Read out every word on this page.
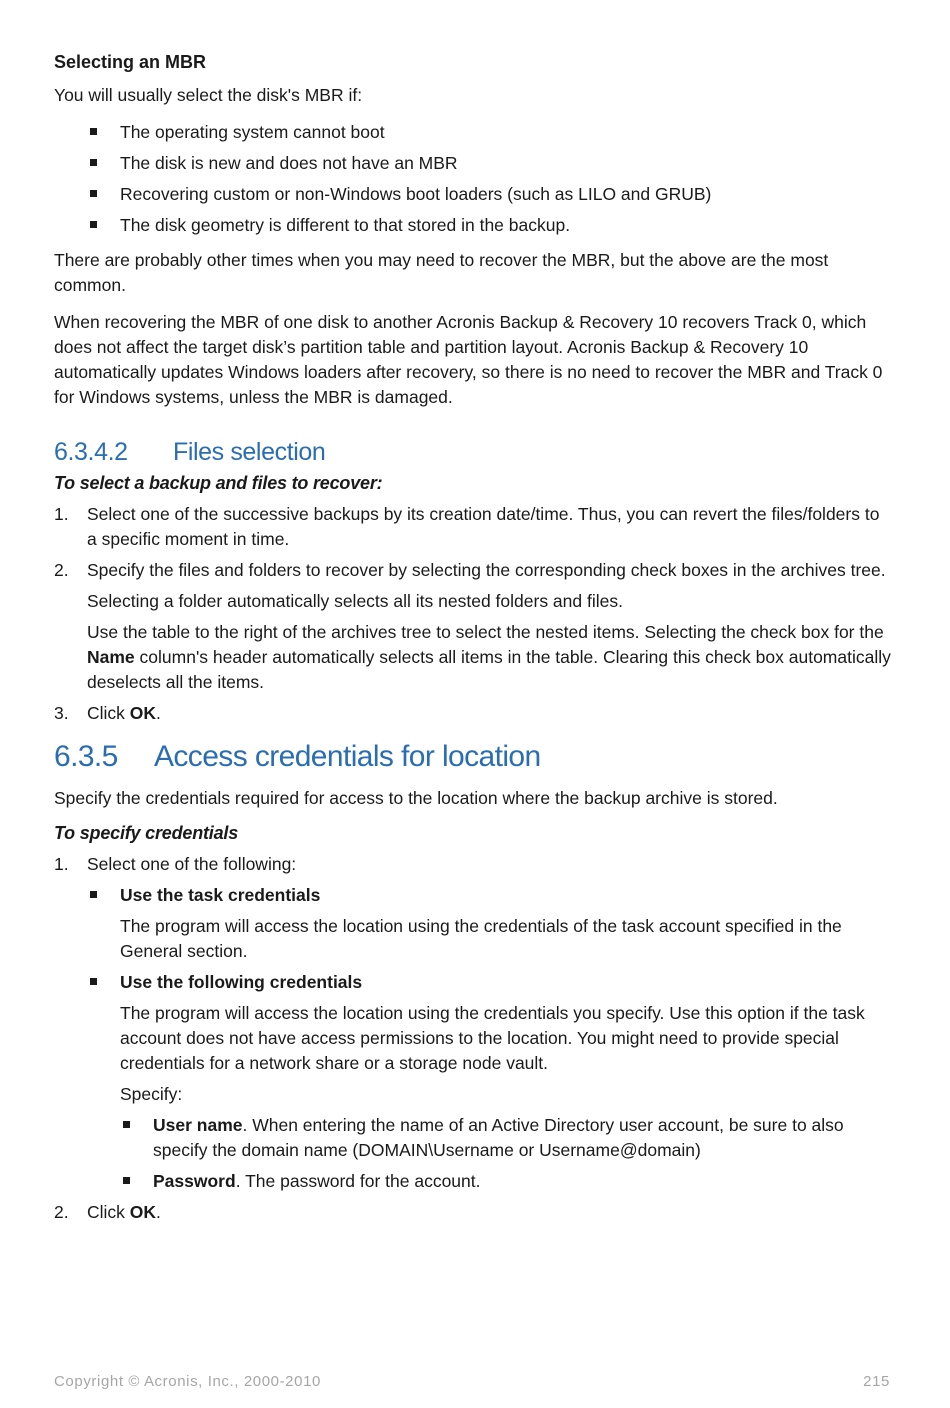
Selecting an MBR

You will usually select the disk's MBR if:

The operating system cannot boot
The disk is new and does not have an MBR
Recovering custom or non-Windows boot loaders (such as LILO and GRUB)
The disk geometry is different to that stored in the backup.

There are probably other times when you may need to recover the MBR, but the above are the most common.

When recovering the MBR of one disk to another Acronis Backup & Recovery 10 recovers Track 0, which does not affect the target disk’s partition table and partition layout. Acronis Backup & Recovery 10 automatically updates Windows loaders after recovery, so there is no need to recover the MBR and Track 0 for Windows systems, unless the MBR is damaged.

6.3.4.2 Files selection
To select a backup and files to recover:
1. Select one of the successive backups by its creation date/time. Thus, you can revert the files/folders to a specific moment in time.
2. Specify the files and folders to recover by selecting the corresponding check boxes in the archives tree.
Selecting a folder automatically selects all its nested folders and files.
Use the table to the right of the archives tree to select the nested items. Selecting the check box for the Name column's header automatically selects all items in the table. Clearing this check box automatically deselects all the items.
3. Click OK.
6.3.5 Access credentials for location

Specify the credentials required for access to the location where the backup archive is stored.

To specify credentials
1. Select one of the following:
Use the task credentials
The program will access the location using the credentials of the task account specified in the General section.
Use the following credentials
The program will access the location using the credentials you specify. Use this option if the task account does not have access permissions to the location. You might need to provide special credentials for a network share or a storage node vault.
Specify:
User name. When entering the name of an Active Directory user account, be sure to also specify the domain name (DOMAIN\Username or Username@domain)
Password. The password for the account.
2. Click OK.
Copyright © Acronis, Inc., 2000-2010	215
